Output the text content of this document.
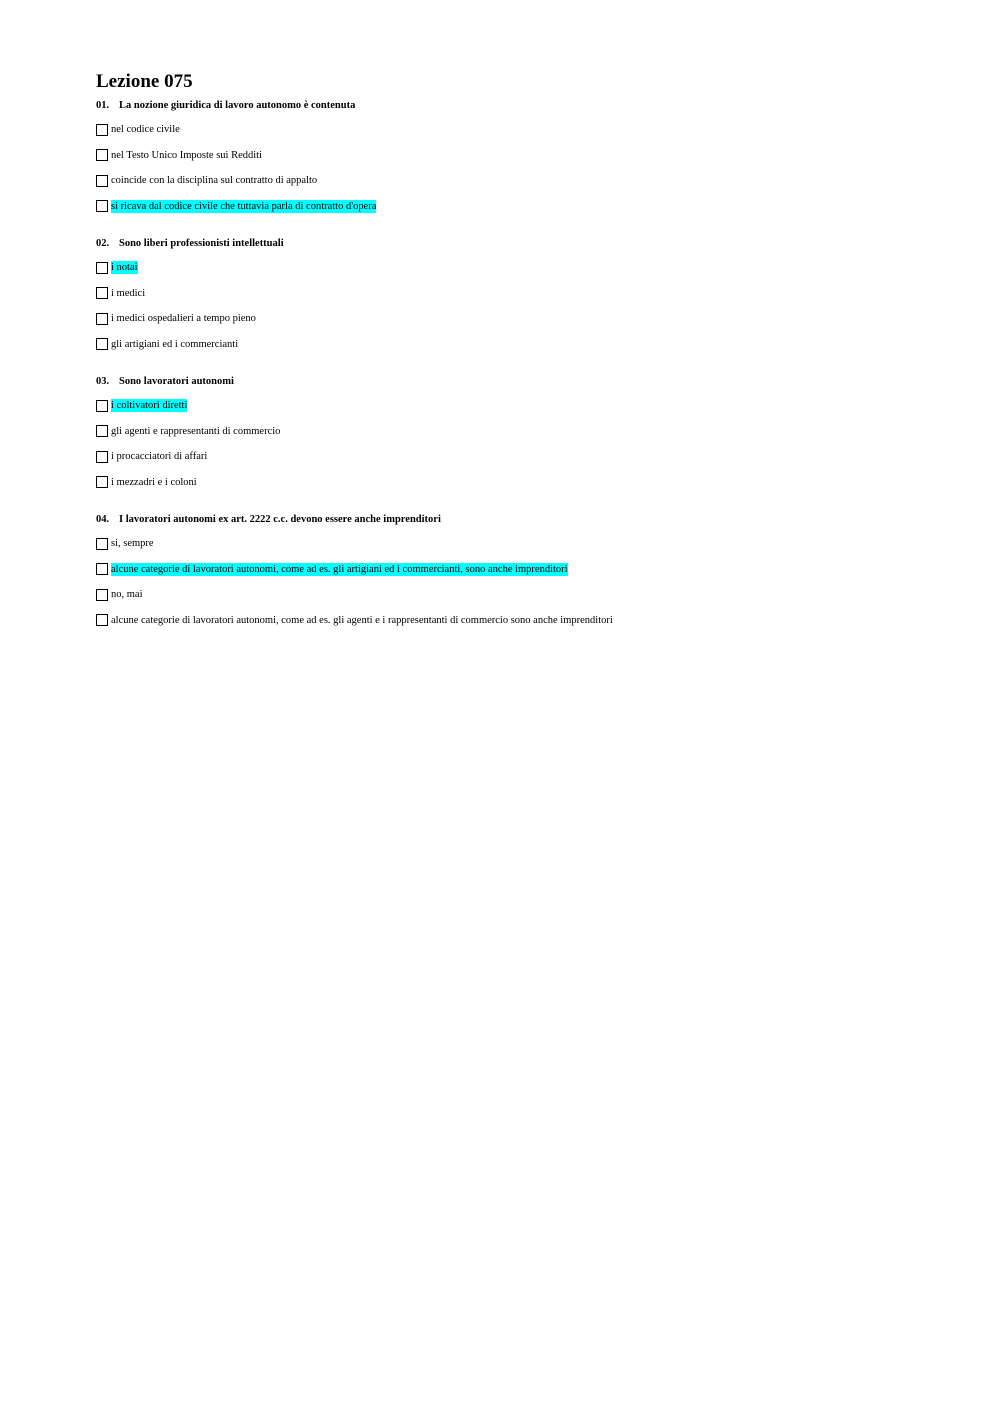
Lezione 075
01. La nozione giuridica di lavoro autonomo è contenuta
nel codice civile
nel Testo Unico Imposte sui Redditi
coincide con la disciplina sul contratto di appalto
si ricava dal codice civile che tuttavia parla di contratto d'opera
02. Sono liberi professionisti intellettuali
i notai
i medici
i medici ospedalieri a tempo pieno
gli artigiani ed i commercianti
03. Sono lavoratori autonomi
i coltivatori diretti
gli agenti e rappresentanti di commercio
i procacciatori di affari
i mezzadri e i coloni
04. I lavoratori autonomi ex art. 2222 c.c. devono essere anche imprenditori
si, sempre
alcune categorie di lavoratori autonomi, come ad es. gli artigiani ed i commercianti, sono anche imprenditori
no, mai
alcune categorie di lavoratori autonomi, come ad es. gli agenti e i rappresentanti di commercio sono anche imprenditori
